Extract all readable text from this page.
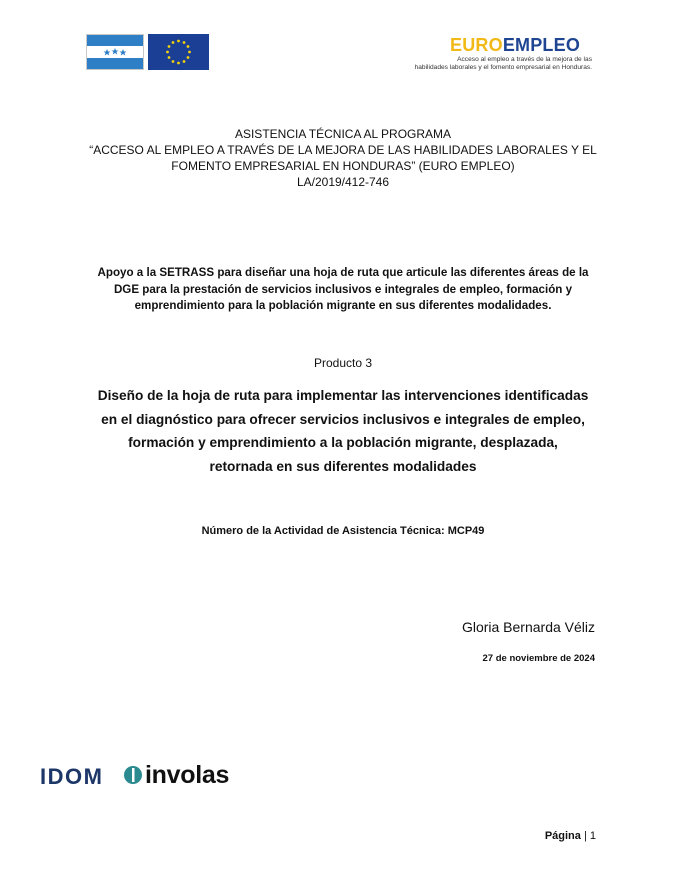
EUROEMPLEO
Acceso al empleo a través de la mejora de las
habilidades laborales y el fomento empresarial en Honduras.
ASISTENCIA TÉCNICA AL PROGRAMA
“ACCESO AL EMPLEO A TRAVÉS DE LA MEJORA DE LAS HABILIDADES LABORALES Y EL
FOMENTO EMPRESARIAL EN HONDURAS” (EURO EMPLEO)
LA/2019/412-746
Apoyo a la SETRASS para diseñar una hoja de ruta que articule las diferentes áreas de la
DGE para la prestación de servicios inclusivos e integrales de empleo, formación y
emprendimiento para la población migrante en sus diferentes modalidades.
Producto 3
Diseño de la hoja de ruta para implementar las intervenciones identificadas
en el diagnóstico para ofrecer servicios inclusivos e integrales de empleo,
formación y emprendimiento a la población migrante, desplazada,
retornada en sus diferentes modalidades
Número de la Actividad de Asistencia Técnica: MCP49
Gloria Bernarda Véliz
27 de noviembre de 2024
IDOM involas
Página | 1
